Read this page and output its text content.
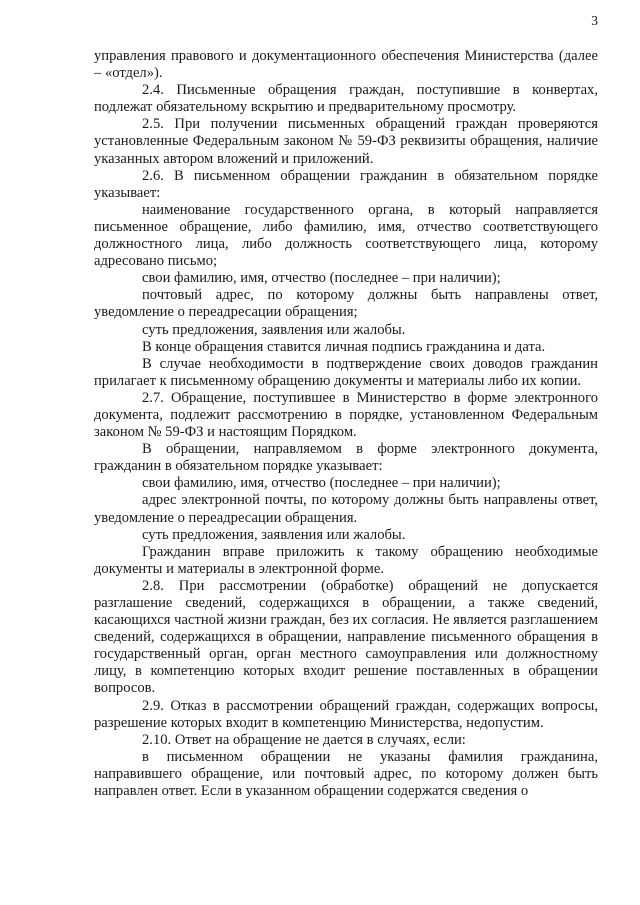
3

управления правового и документационного обеспечения Министерства (далее – «отдел»).

2.4. Письменные обращения граждан, поступившие в конвертах, подлежат обязательному вскрытию и предварительному просмотру.

2.5. При получении письменных обращений граждан проверяются установленные Федеральным законом № 59-ФЗ реквизиты обращения, наличие указанных автором вложений и приложений.

2.6. В письменном обращении гражданин в обязательном порядке указывает:

наименование государственного органа, в который направляется письменное обращение, либо фамилию, имя, отчество соответствующего должностного лица, либо должность соответствующего лица, которому адресовано письмо;

свои фамилию, имя, отчество (последнее – при наличии);

почтовый адрес, по которому должны быть направлены ответ, уведомление о переадресации обращения;

суть предложения, заявления или жалобы.

В конце обращения ставится личная подпись гражданина и дата.

В случае необходимости в подтверждение своих доводов гражданин прилагает к письменному обращению документы и материалы либо их копии.

2.7. Обращение, поступившее в Министерство в форме электронного документа, подлежит рассмотрению в порядке, установленном Федеральным законом № 59-ФЗ и настоящим Порядком.

В обращении, направляемом в форме электронного документа, гражданин в обязательном порядке указывает:

свои фамилию, имя, отчество (последнее – при наличии);

адрес электронной почты, по которому должны быть направлены ответ, уведомление о переадресации обращения.

суть предложения, заявления или жалобы.

Гражданин вправе приложить к такому обращению необходимые документы и материалы в электронной форме.

2.8. При рассмотрении (обработке) обращений не допускается разглашение сведений, содержащихся в обращении, а также сведений, касающихся частной жизни граждан, без их согласия. Не является разглашением сведений, содержащихся в обращении, направление письменного обращения в государственный орган, орган местного самоуправления или должностному лицу, в компетенцию которых входит решение поставленных в обращении вопросов.

2.9. Отказ в рассмотрении обращений граждан, содержащих вопросы, разрешение которых входит в компетенцию Министерства, недопустим.

2.10. Ответ на обращение не дается в случаях, если:

в письменном обращении не указаны фамилия гражданина, направившего обращение, или почтовый адрес, по которому должен быть направлен ответ. Если в указанном обращении содержатся сведения о
